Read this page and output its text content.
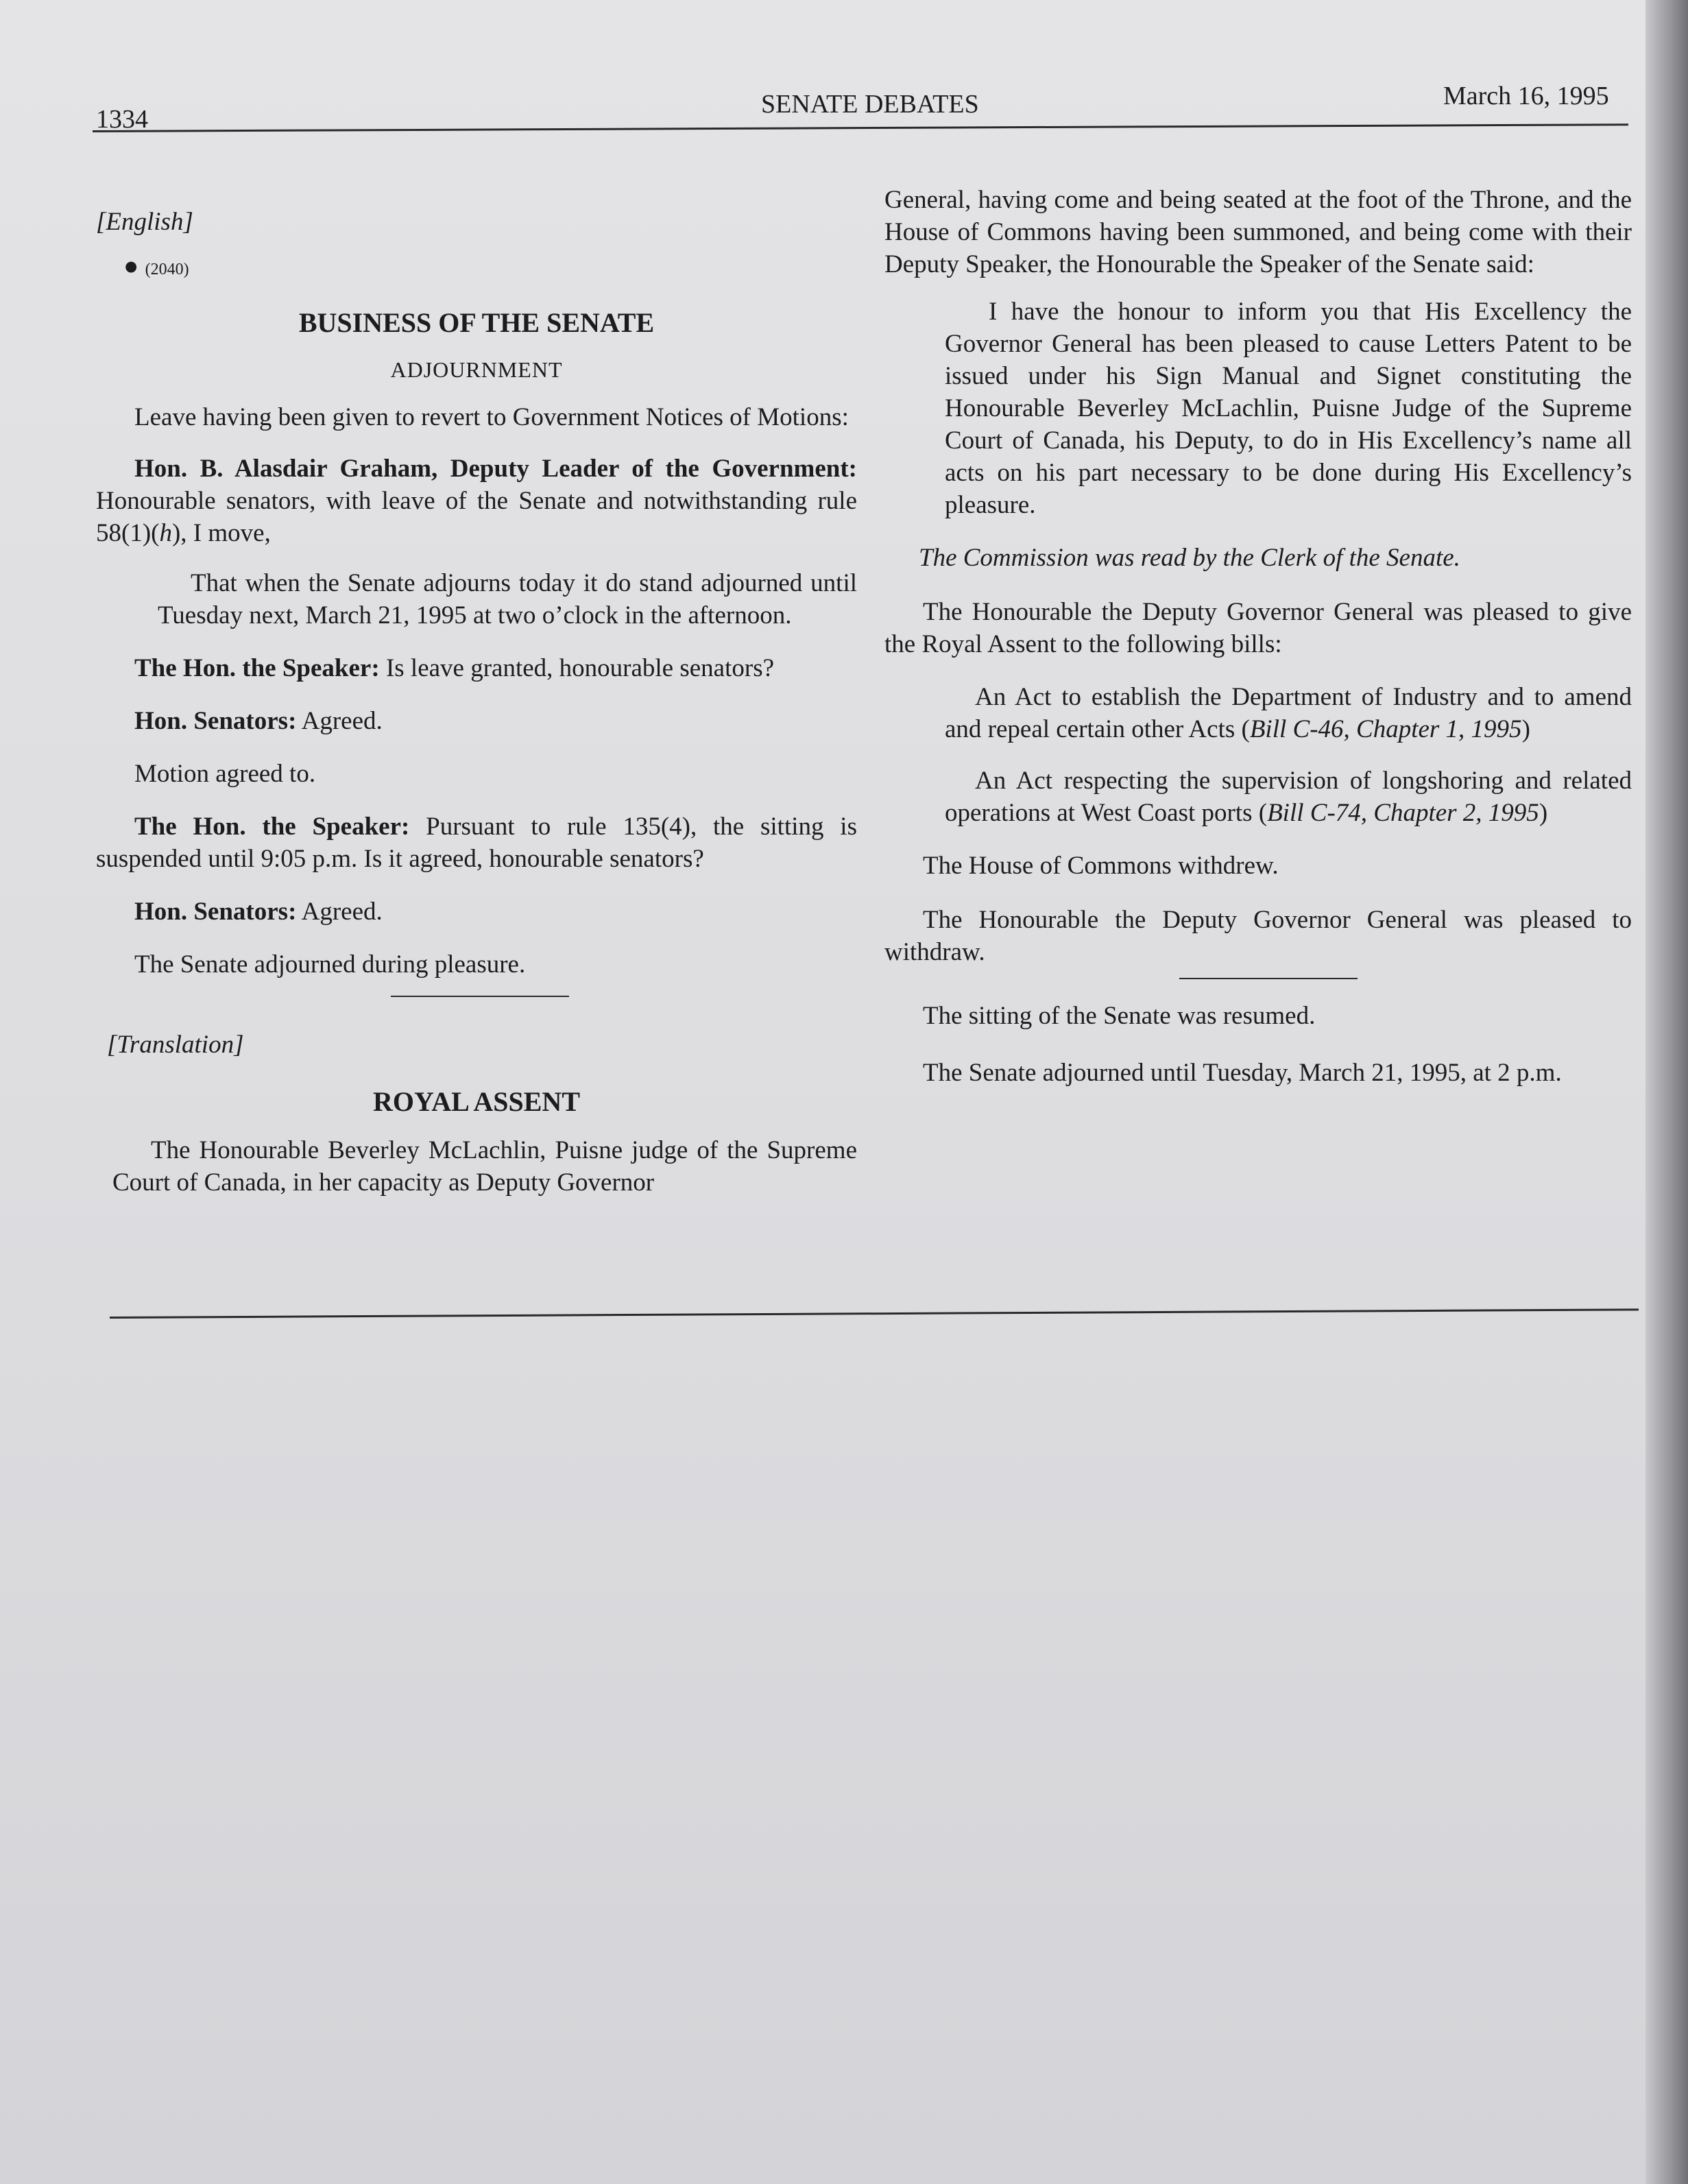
1334
SENATE DEBATES	March 16, 1995

[English]

● (2040)

BUSINESS OF THE SENATE

ADJOURNMENT

Leave having been given to revert to Government Notices of Motions:

Hon. B. Alasdair Graham, Deputy Leader of the Government: Honourable senators, with leave of the Senate and notwithstanding rule 58(1)(h), I move,

That when the Senate adjourns today it do stand adjourned until Tuesday next, March 21, 1995 at two o’clock in the afternoon.

The Hon. the Speaker: Is leave granted, honourable senators?

Hon. Senators: Agreed.

Motion agreed to.

The Hon. the Speaker: Pursuant to rule 135(4), the sitting is suspended until 9:05 p.m. Is it agreed, honourable senators?

Hon. Senators: Agreed.

The Senate adjourned during pleasure.

[Translation]

ROYAL ASSENT

The Honourable Beverley McLachlin, Puisne judge of the Supreme Court of Canada, in her capacity as Deputy Governor

General, having come and being seated at the foot of the Throne, and the House of Commons having been summoned, and being come with their Deputy Speaker, the Honourable the Speaker of the Senate said:

I have the honour to inform you that His Excellency the Governor General has been pleased to cause Letters Patent to be issued under his Sign Manual and Signet constituting the Honourable Beverley McLachlin, Puisne Judge of the Supreme Court of Canada, his Deputy, to do in His Excellency’s name all acts on his part necessary to be done during His Excellency’s pleasure.

The Commission was read by the Clerk of the Senate.

The Honourable the Deputy Governor General was pleased to give the Royal Assent to the following bills:

An Act to establish the Department of Industry and to amend and repeal certain other Acts (Bill C-46, Chapter 1, 1995)

An Act respecting the supervision of longshoring and related operations at West Coast ports (Bill C-74, Chapter 2, 1995)

The House of Commons withdrew.

The Honourable the Deputy Governor General was pleased to withdraw.

The sitting of the Senate was resumed.

The Senate adjourned until Tuesday, March 21, 1995, at 2 p.m.
